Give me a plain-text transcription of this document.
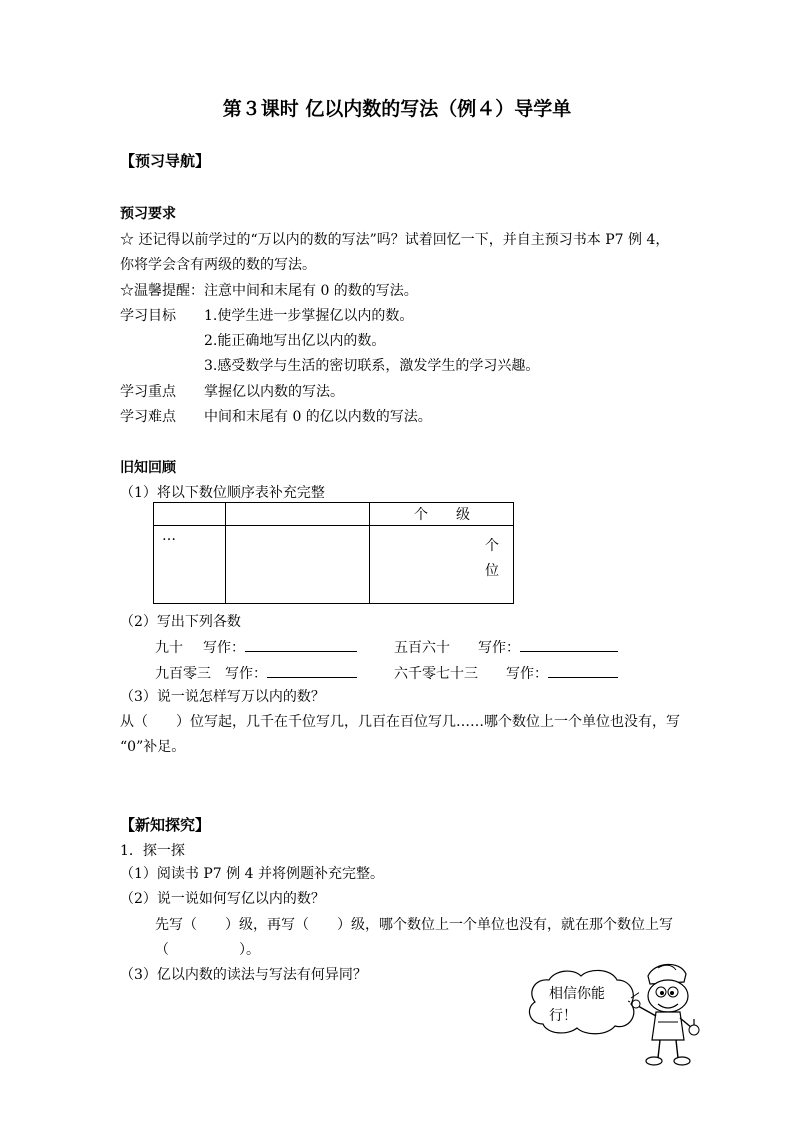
第３课时 亿以内数的写法（例４）导学单
【预习导航】
预习要求
☆ 还记得以前学过的“万以内的数的写法”吗？试着回忆一下，并自主预习书本 P7 例 4，
你将学会含有两级的数的写法。
☆温馨提醒：注意中间和末尾有 0 的数的写法。
学习目标 1.使学生进一步掌握亿以内的数。
2.能正确地写出亿以内的数。
3.感受数学与生活的密切联系，激发学生的学习兴趣。
学习重点 掌握亿以内数的写法。
学习难点 中间和末尾有 0 的亿以内数的写法。
旧知回顾
（1）将以下数位顺序表补充完整

		个　　级

…		个
位
（2）写出下列各数
九十 写作：	五百六十 写作：
九百零三 写作：	六千零七十三 写作：
（3）说一说怎样写万以内的数？
从（　　）位写起，几千在千位写几，几百在百位写几……哪个数位上一个单位也没有，写
“0”补足。
【新知探究】
1．探一探
（1）阅读书 P7 例 4 并将例题补充完整。
（2）说一说如何写亿以内的数？
先写（　　）级，再写（　　）级，哪个数位上一个单位也没有，就在那个数位上写
（　　　　　）。
（3）亿以内数的读法与写法有何异同？
相信你能
行！
